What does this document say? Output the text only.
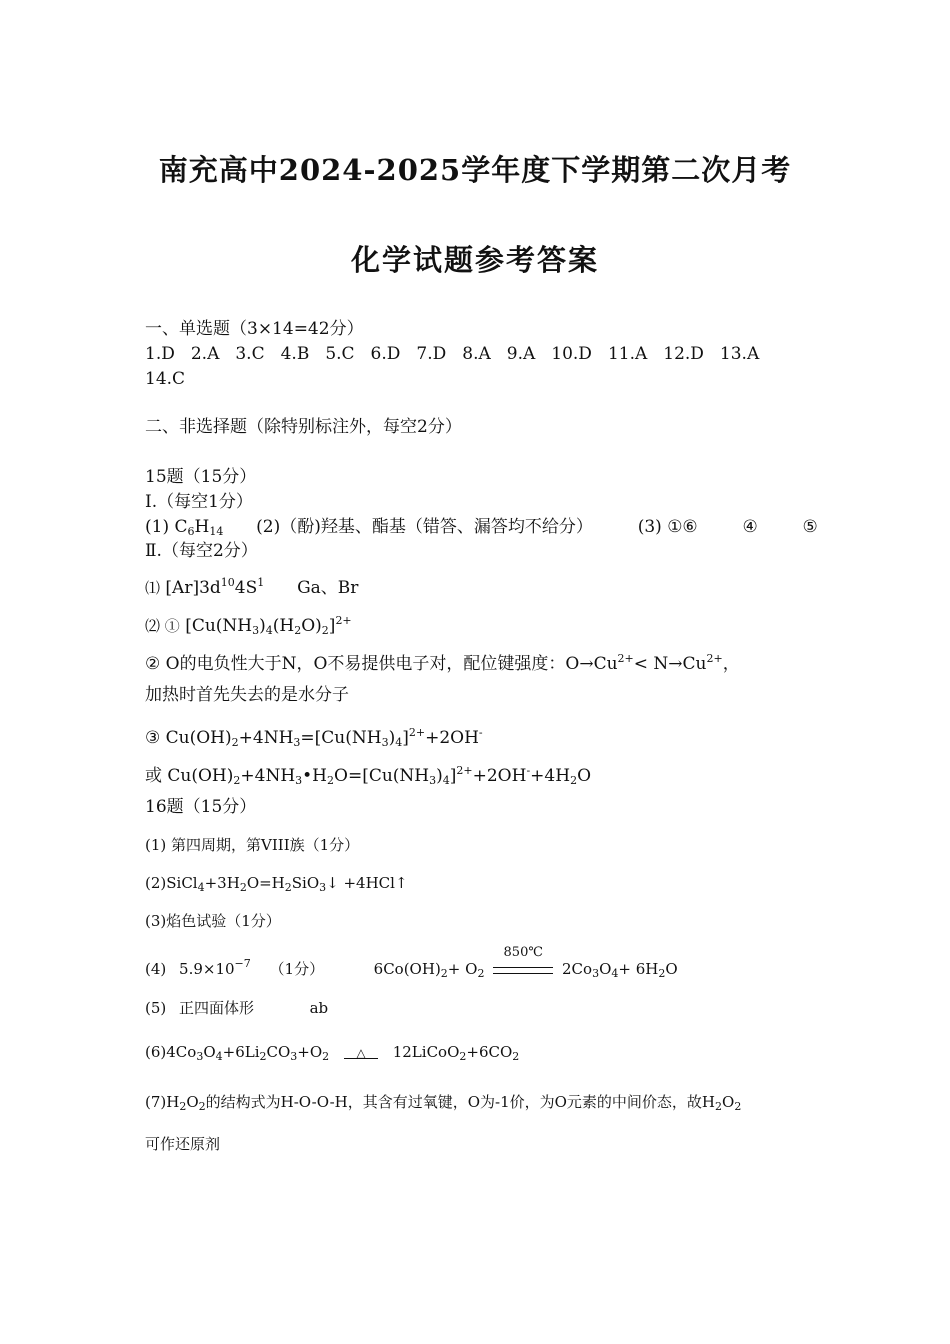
南充高中2024-2025学年度下学期第二次月考
化学试题参考答案
一、单选题（3×14=42分）
1.D 2.A 3.C 4.B 5.C 6.D 7.D 8.A 9.A 10.D 11.A 12.D 13.A
14.C
二、非选择题（除特别标注外，每空2分）
15题（15分）
Ⅰ.（每空1分）
(1) $C_6H_{14}$ (2)（酚)羟基、酯基（错答、漏答均不给分）	(3) ①⑥	④	⑤
Ⅱ.（每空2分）
⑴ $[Ar]3d^{10}4S^1$ Ga、Br
⑵ ① $[Cu(NH_3)_4(H_2O)_2]^{2+}$
② O的电负性大于N，O不易提供电子对，配位键强度：$O\to Cu^{2+}< N\to Cu^{2+}$，
加热时首先失去的是水分子
③ $Cu(OH)_2+4NH_3=[Cu(NH_3)_4]^{2+}+2OH^-$
或 $Cu(OH)_2+4NH_3•H_2O=[Cu(NH_3)_4]^{2+}+2OH^-+4H_2O$
16题（15分）
(1) 第四周期，第VIII族（1分）
$(2)SiCl_4+3H_2O=H_2SiO_3↓$ +4HCl↑
(3)焰色试验（1分）
(4) $5.9\times 10^{-7}$ （1分）	$6Co(OH)_2+ O_2$
850℃
$2Co_3O_4+ 6H_2O$
(5) 正四面体形	ab
$(6)4Co_3O_4+6Li_2CO_3+O_2$	△	$12LiCoO_2+6CO_2$
$(7)H_2O_2$的结构式为H-O-O-H，其含有过氧键，O为-1价，为O元素的中间价态，故$H_2O_2$
可作还原剂
